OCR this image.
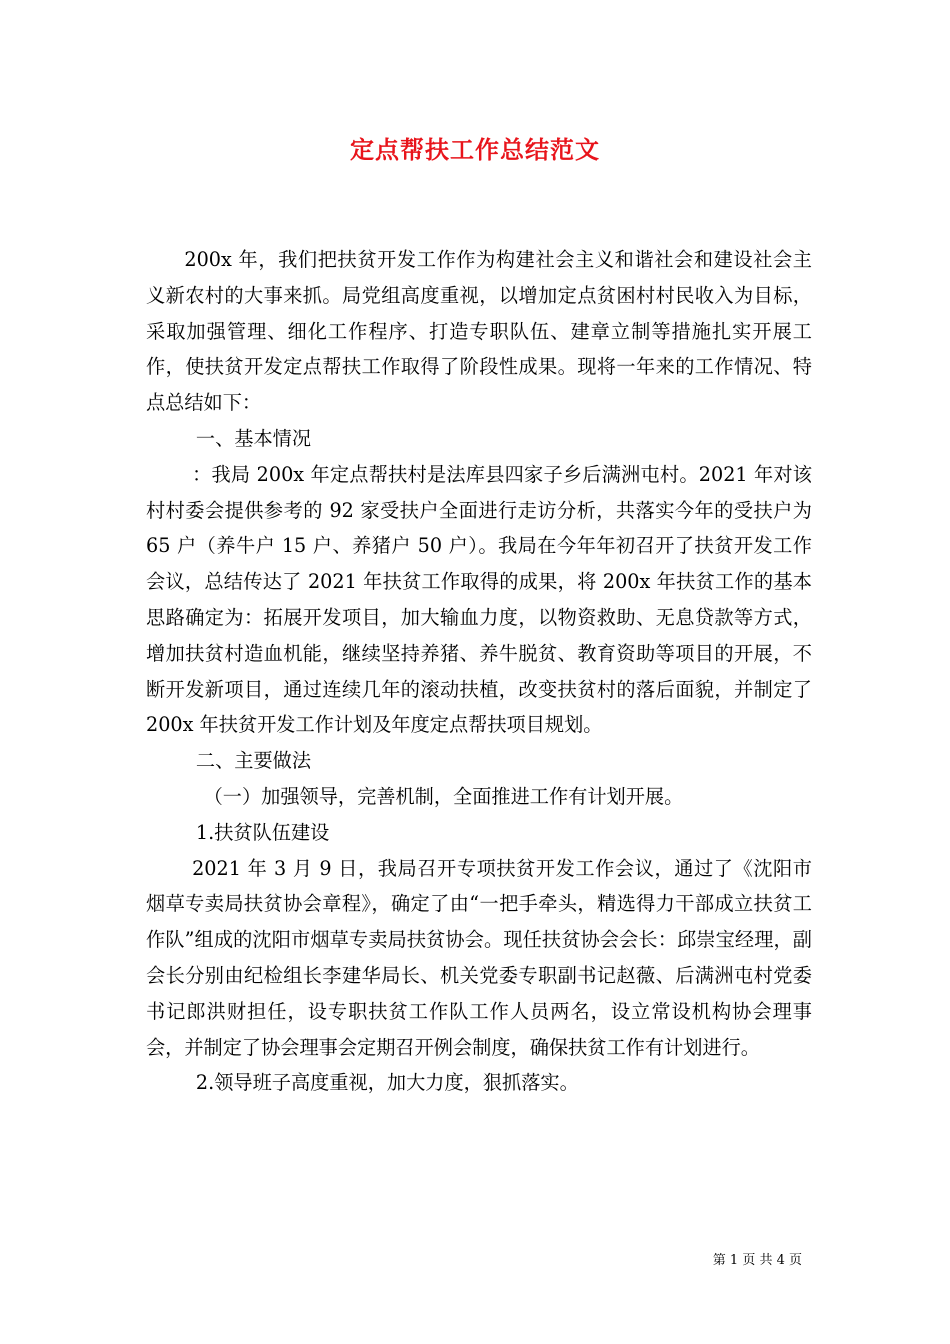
定点帮扶工作总结范文

200x 年，我们把扶贫开发工作作为构建社会主义和谐社会和建设社会主义新农村的大事来抓。局党组高度重视，以增加定点贫困村村民收入为目标，采取加强管理、细化工作程序、打造专职队伍、建章立制等措施扎实开展工作，使扶贫开发定点帮扶工作取得了阶段性成果。现将一年来的工作情况、特点总结如下：

一、基本情况

：我局 200x 年定点帮扶村是法库县四家子乡后满洲屯村。2021 年对该村村委会提供参考的 92 家受扶户全面进行走访分析，共落实今年的受扶户为 65 户（养牛户 15 户、养猪户 50 户）。我局在今年年初召开了扶贫开发工作会议，总结传达了 2021 年扶贫工作取得的成果，将 200x 年扶贫工作的基本思路确定为：拓展开发项目，加大输血力度，以物资救助、无息贷款等方式，增加扶贫村造血机能，继续坚持养猪、养牛脱贫、教育资助等项目的开展，不断开发新项目，通过连续几年的滚动扶植，改变扶贫村的落后面貌，并制定了 200x 年扶贫开发工作计划及年度定点帮扶项目规划。

二、主要做法

（一）加强领导，完善机制，全面推进工作有计划开展。

1.扶贫队伍建设

2021 年 3 月 9 日，我局召开专项扶贫开发工作会议，通过了《沈阳市烟草专卖局扶贫协会章程》，确定了由“一把手牵头，精选得力干部成立扶贫工作队”组成的沈阳市烟草专卖局扶贫协会。现任扶贫协会会长：邱崇宝经理，副会长分别由纪检组长李建华局长、机关党委专职副书记赵薇、后满洲屯村党委书记郎洪财担任，设专职扶贫工作队工作人员两名，设立常设机构协会理事会，并制定了协会理事会定期召开例会制度，确保扶贫工作有计划进行。

2.领导班子高度重视，加大力度，狠抓落实。

第 1 页 共 4 页
